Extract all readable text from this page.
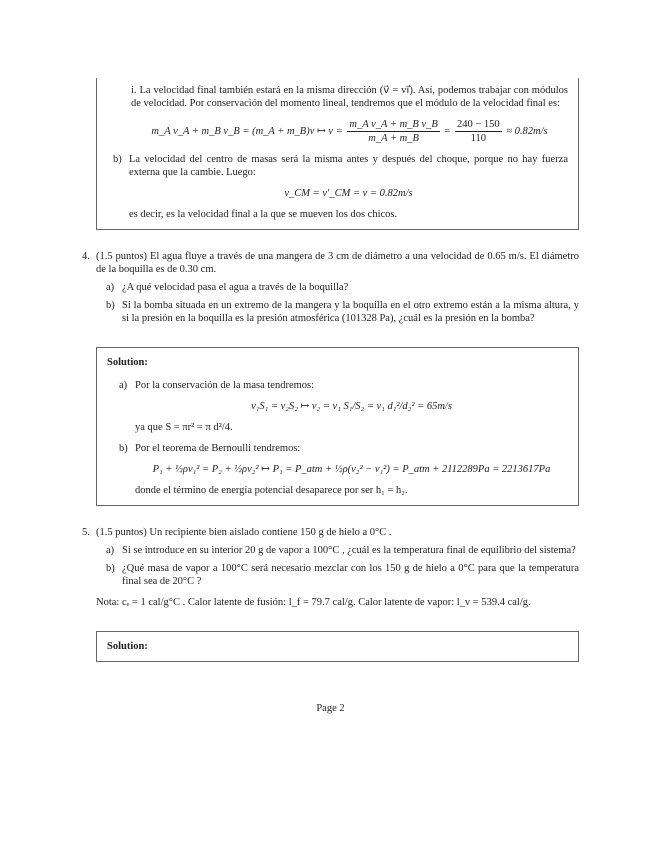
i. La velocidad final también estará en la misma dirección (v⃗ = vi⃗). Así, podemos trabajar con módulos de velocidad. Por conservación del momento lineal, tendremos que el módulo de la velocidad final es:

m_A v_A + m_B v_B = (m_A + m_B)v ↦ $v = \frac{\text{m\_A v\_A + m\_B v\_B}}{m\_A + m\_B} = \frac{240 - 150}{110} \approx 0.82m/s$
b) La velocidad del centro de masas será la misma antes y después del choque, porque no hay fuerza externa que la cambie. Luego:

v_CM = v′_CM = v = 0.82m/s

es decir, es la velocidad final a la que se mueven los dos chicos.

4. (1.5 puntos) El agua fluye a través de una mangera de 3 cm de diámetro a una velocidad de 0.65 m/s. El diámetro de la boquilla es de 0.30 cm.

a) ¿A qué velocidad pasa el agua a través de la boquilla?
b) Si la bomba situada en un extremo de la mangera y la boquilla en el otro extremo están a la misma altura, y si la presión en la boquilla es la presión atmosférica (101328 Pa), ¿cuál es la presión en la bomba?

Solution:
a) Por la conservación de la masa tendremos:

v₁S₁ = v₂S₂ ↦ v₂ = v₁ S₁/S₂ = v₁ d₁²/d₂² = 65m/s

ya que S = πr² = π d²/4.

b) Por el teorema de Bernoulli tendremos:

P₁ + ½ρv₁² = P₂ + ½ρv₂² ↦ P₁ = P_atm + ½ρ(v₂² − v₁²) = P_atm + 2112289Pa = 2213617Pa

donde el término de energía potencial desaparece por ser h₁ = h₂.

5. (1.5 puntos) Un recipiente bien aislado contiene 150 g de hielo a 0°C .

a) Si se introduce en su interior 20 g de vapor a 100°C , ¿cuál es la temperatura final de equilibrio del sistema?

b) ¿Qué masa de vapor a 100°C será necesario mezclar con los 150 g de hielo a 0°C para que la temperatura final sea de 20°C ?

Nota: cₑ = 1 cal/g°C . Calor latente de fusión: l_f = 79.7 cal/g. Calor latente de vapor: l_v = 539.4 cal/g.

Solution:
Page 2
